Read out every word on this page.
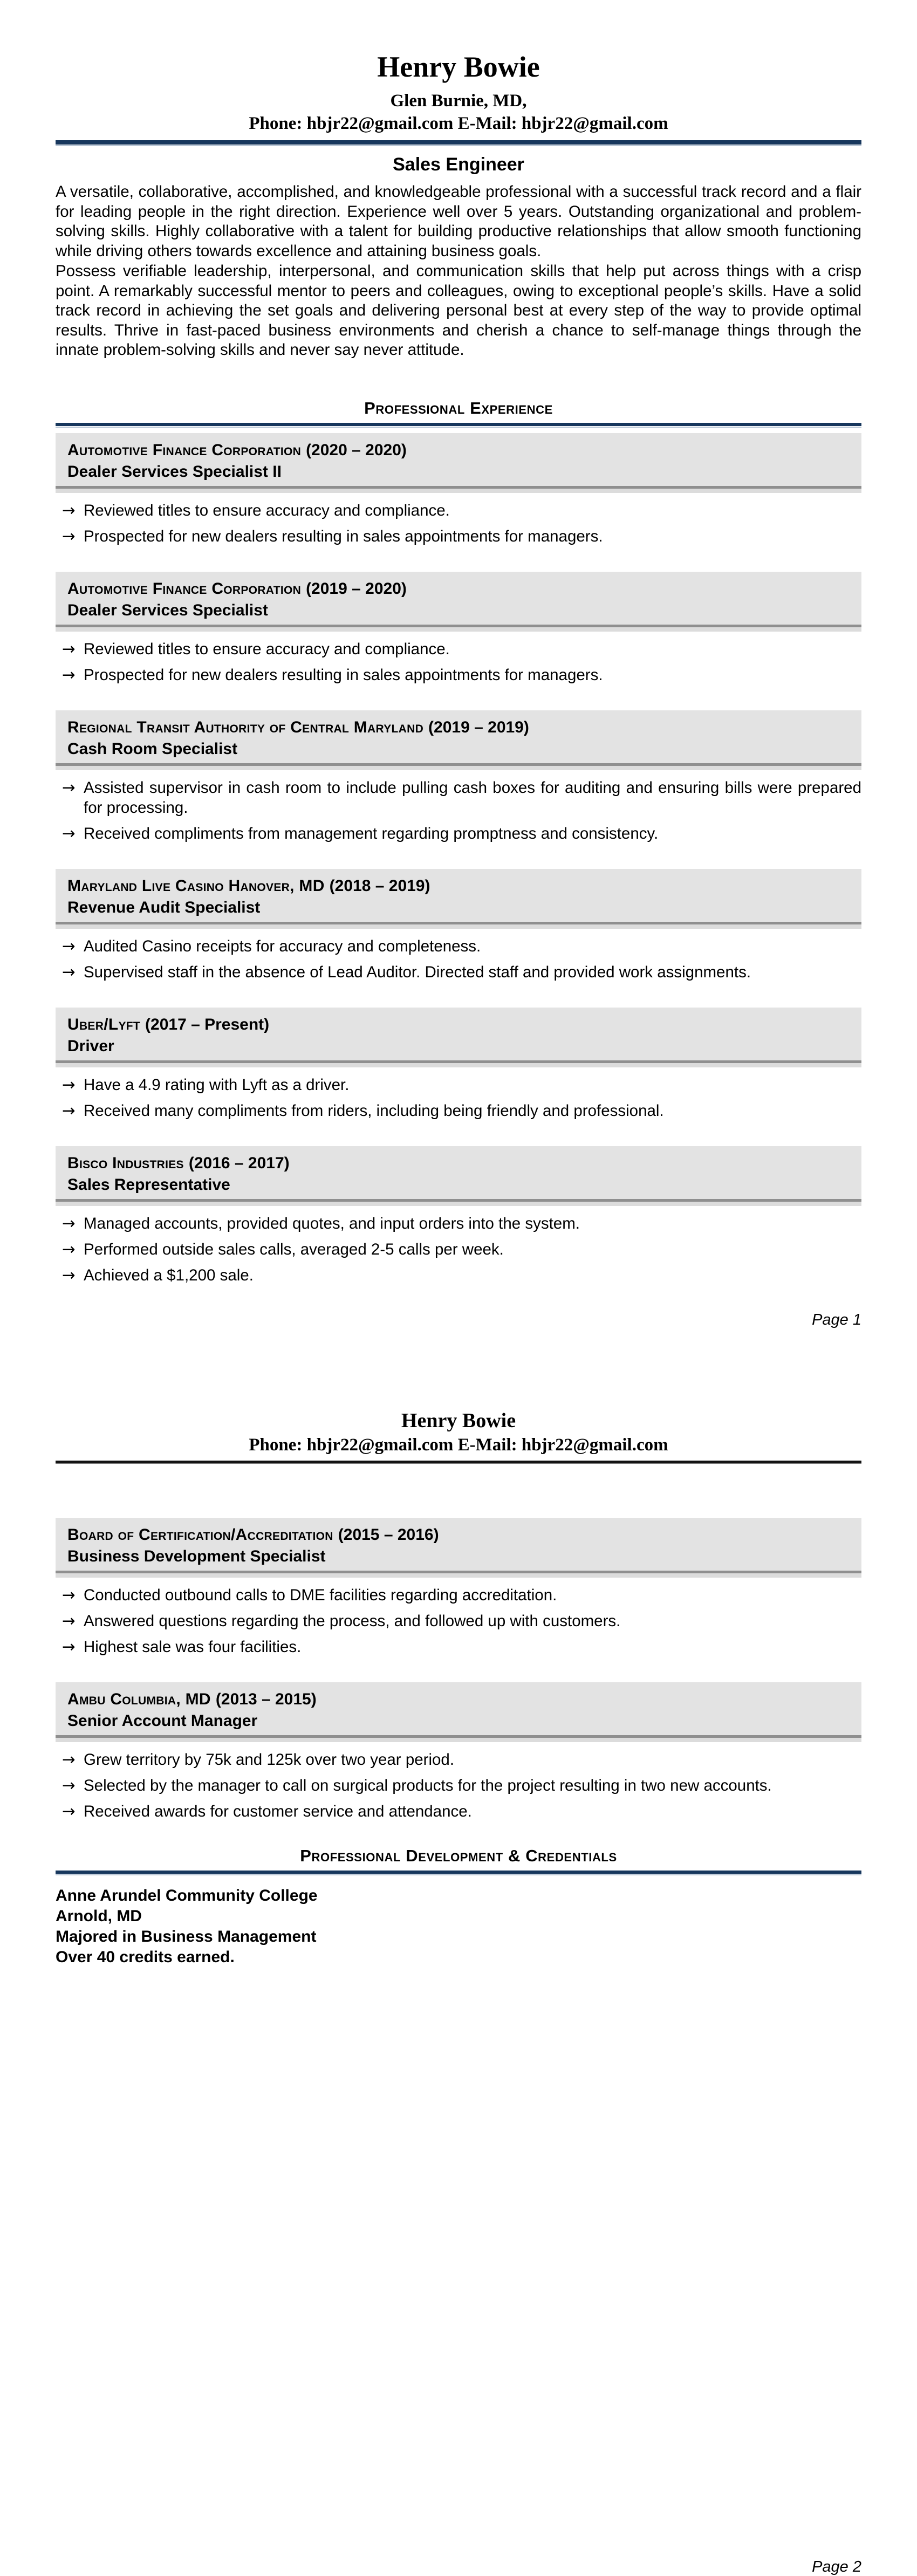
Henry Bowie
Glen Burnie, MD,
Phone: hbjr22@gmail.com E-Mail: hbjr22@gmail.com
Sales Engineer

A versatile, collaborative, accomplished, and knowledgeable professional with a successful track record and a flair for leading people in the right direction. Experience well over 5 years. Outstanding organizational and problem-solving skills. Highly collaborative with a talent for building productive relationships that allow smooth functioning while driving others towards excellence and attaining business goals.

Possess verifiable leadership, interpersonal, and communication skills that help put across things with a crisp point. A remarkably successful mentor to peers and colleagues, owing to exceptional people’s skills. Have a solid track record in achieving the set goals and delivering personal best at every step of the way to provide optimal results. Thrive in fast-paced business environments and cherish a chance to self-manage things through the innate problem-solving skills and never say never attitude.

Professional Experience
Automotive Finance Corporation (2020 – 2020)
Dealer Services Specialist II
→ Reviewed titles to ensure accuracy and compliance.
→ Prospected for new dealers resulting in sales appointments for managers.
Automotive Finance Corporation (2019 – 2020)
Dealer Services Specialist
→ Reviewed titles to ensure accuracy and compliance.
→ Prospected for new dealers resulting in sales appointments for managers.
Regional Transit Authority of Central Maryland (2019 – 2019)
Cash Room Specialist
→ Assisted supervisor in cash room to include pulling cash boxes for auditing and ensuring bills were prepared for processing.
→ Received compliments from management regarding promptness and consistency.
Maryland Live Casino Hanover, MD (2018 – 2019)
Revenue Audit Specialist
→ Audited Casino receipts for accuracy and completeness.
→ Supervised staff in the absence of Lead Auditor. Directed staff and provided work assignments.
Uber/Lyft (2017 – Present)
Driver
→ Have a 4.9 rating with Lyft as a driver.
→ Received many compliments from riders, including being friendly and professional.
Bisco Industries (2016 – 2017)
Sales Representative
→ Managed accounts, provided quotes, and input orders into the system.
→ Performed outside sales calls, averaged 2-5 calls per week.
→ Achieved a $1,200 sale.
Page 1
Henry Bowie
Phone: hbjr22@gmail.com E-Mail: hbjr22@gmail.com
Board of Certification/Accreditation (2015 – 2016)
Business Development Specialist
→ Conducted outbound calls to DME facilities regarding accreditation.
→ Answered questions regarding the process, and followed up with customers.
→ Highest sale was four facilities.
Ambu Columbia, MD (2013 – 2015)
Senior Account Manager
→ Grew territory by 75k and 125k over two year period.
→ Selected by the manager to call on surgical products for the project resulting in two new accounts.
→ Received awards for customer service and attendance.
Professional Development & Credentials
Anne Arundel Community College
Arnold, MD
Majored in Business Management
Over 40 credits earned.
Page 2
